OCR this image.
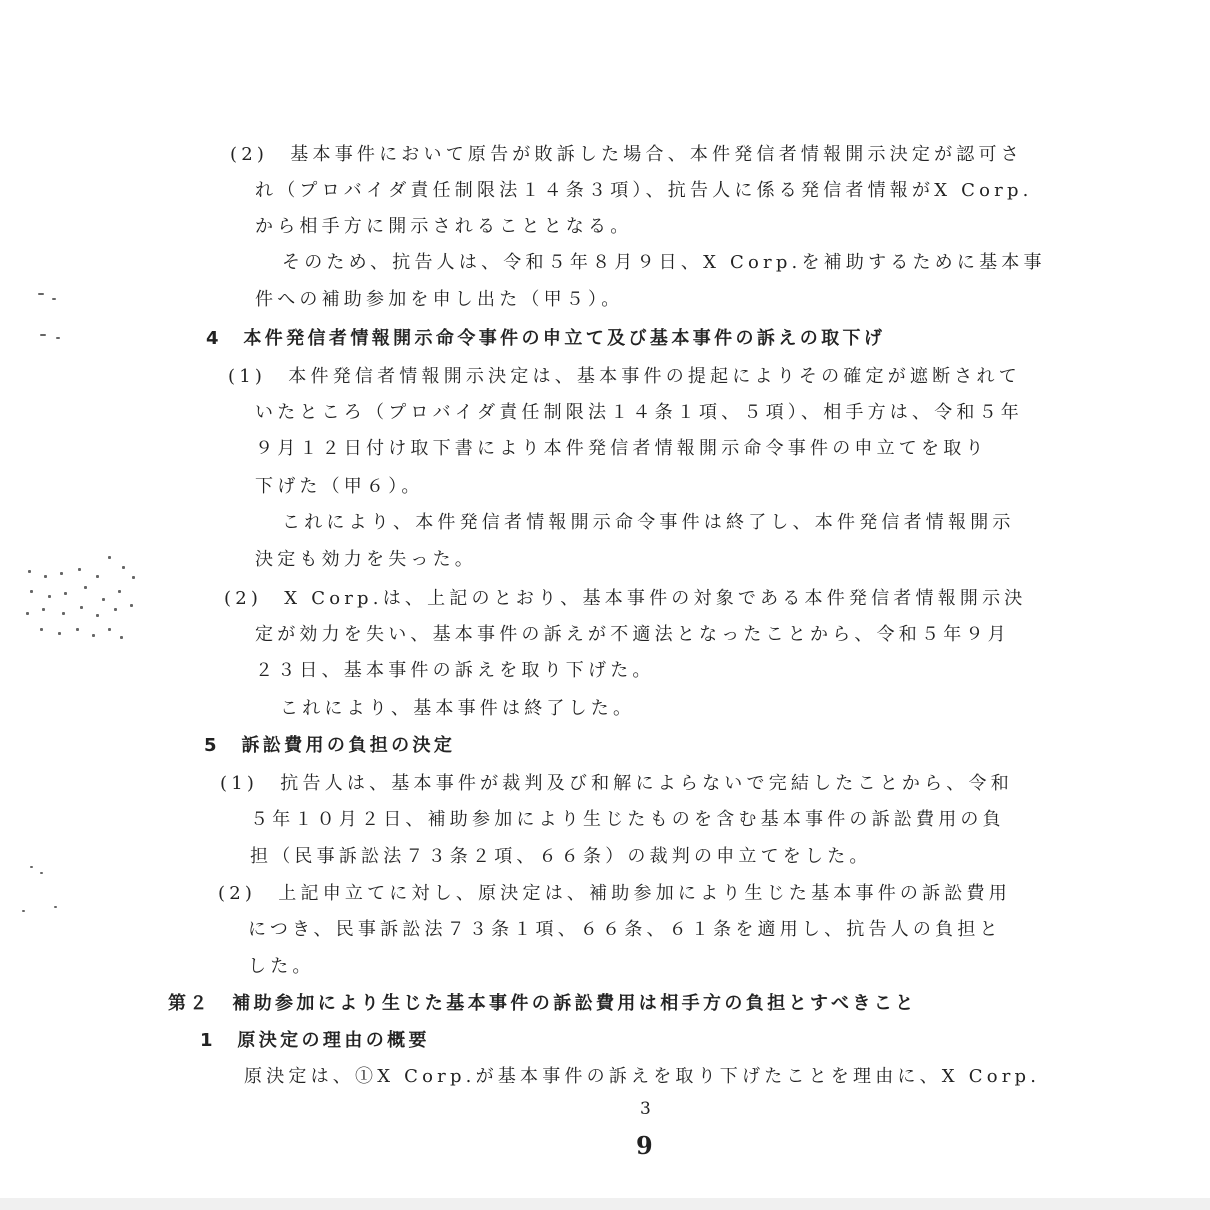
(2)　基本事件において原告が敗訴した場合、本件発信者情報開示決定が認可さ
れ（プロバイダ責任制限法１４条３項）、抗告人に係る発信者情報がX Corp.
から相手方に開示されることとなる。
そのため、抗告人は、令和５年８月９日、X Corp.を補助するために基本事
件への補助参加を申し出た（甲５）。
4　本件発信者情報開示命令事件の申立て及び基本事件の訴えの取下げ
(1)　本件発信者情報開示決定は、基本事件の提起によりその確定が遮断されて
いたところ（プロバイダ責任制限法１４条１項、５項）、相手方は、令和５年
９月１２日付け取下書により本件発信者情報開示命令事件の申立てを取り
下げた（甲６）。
これにより、本件発信者情報開示命令事件は終了し、本件発信者情報開示
決定も効力を失った。
(2)　X Corp.は、上記のとおり、基本事件の対象である本件発信者情報開示決
定が効力を失い、基本事件の訴えが不適法となったことから、令和５年９月
２３日、基本事件の訴えを取り下げた。
これにより、基本事件は終了した。
5　訴訟費用の負担の決定
(1)　抗告人は、基本事件が裁判及び和解によらないで完結したことから、令和
５年１０月２日、補助参加により生じたものを含む基本事件の訴訟費用の負
担（民事訴訟法７３条２項、６６条）の裁判の申立てをした。
(2)　上記申立てに対し、原決定は、補助参加により生じた基本事件の訴訟費用
につき、民事訴訟法７３条１項、６６条、６１条を適用し、抗告人の負担と
した。
第２　補助参加により生じた基本事件の訴訟費用は相手方の負担とすべきこと
1　原決定の理由の概要
原決定は、①X Corp.が基本事件の訴えを取り下げたことを理由に、X Corp.
3
9
